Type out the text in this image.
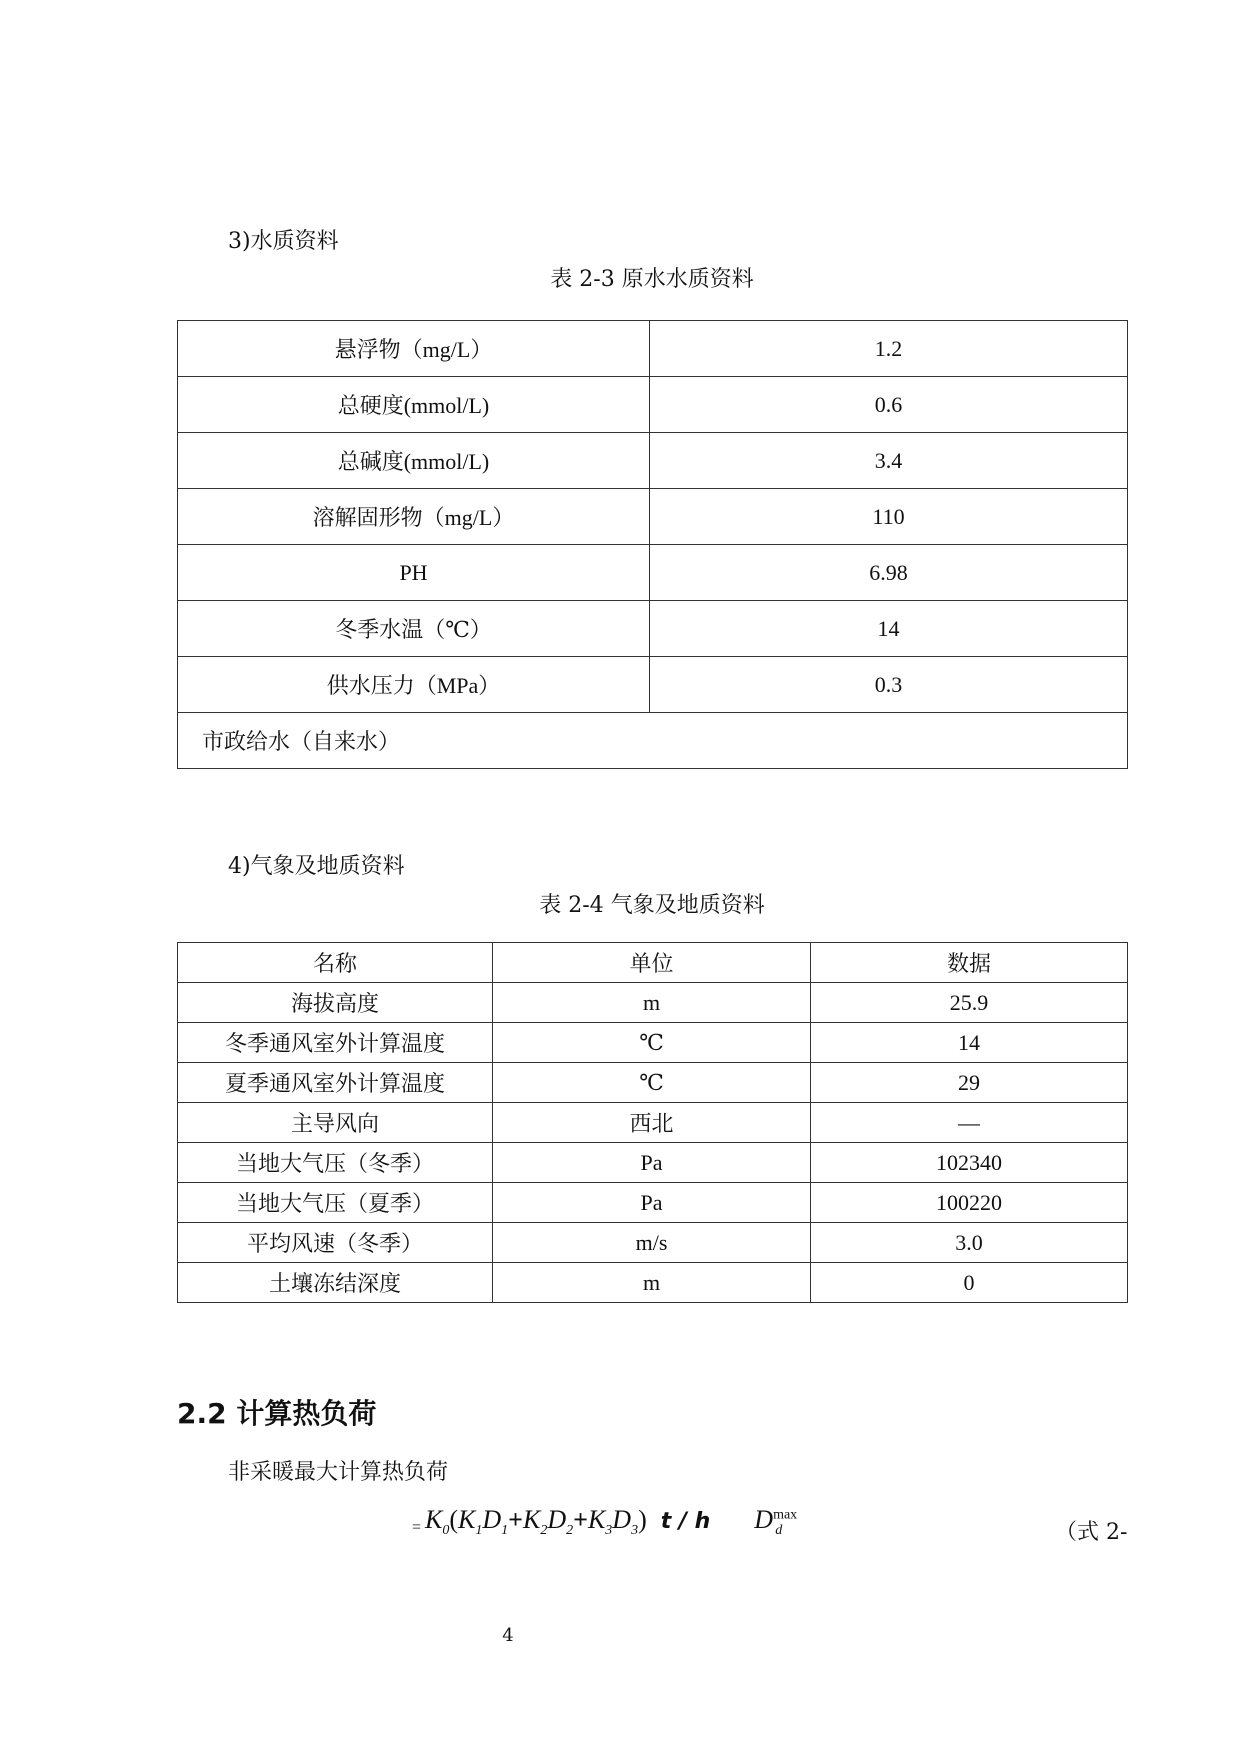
3)水质资料
表 2-3 原水水质资料
悬浮物（mg/L）	1.2
总硬度(mmol/L)	0.6
总碱度(mmol/L)	3.4
溶解固形物（mg/L）	110
PH	6.98
冬季水温（℃）	14
供水压力（MPa）	0.3
市政给水（自来水）	
4)气象及地质资料
表 2-4 气象及地质资料
名称	单位	数据
海拔高度	m	25.9
冬季通风室外计算温度	℃	14
夏季通风室外计算温度	℃	29
主导风向	西北	—
当地大气压（冬季）	Pa	102340
当地大气压（夏季）	Pa	100220
平均风速（冬季）	m/s	3.0
土壤冻结深度	m	0
2.2 计算热负荷
非采暖最大计算热负荷
= $K_0(K_1D_1+K_2D_2+K_3D_3)$ t / h $D^{max}_d$	（式 2-
4
